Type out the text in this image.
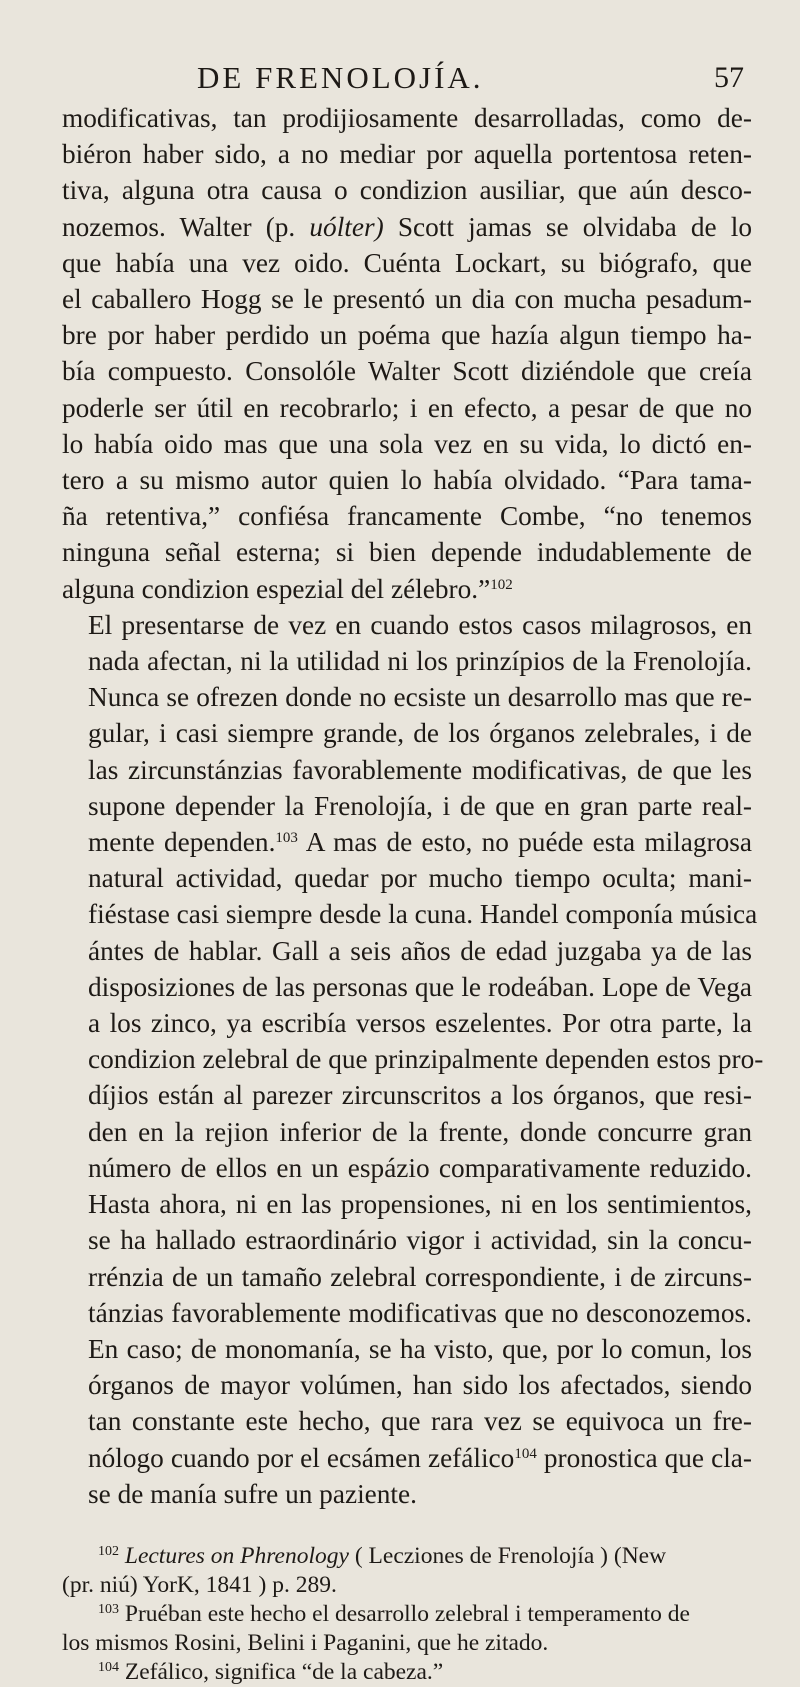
DE FRENOLOJÍA.	57

modificativas, tan prodijiosamente desarrolladas, como de-
biéron haber sido, a no mediar por aquella portentosa reten-
tiva, alguna otra causa o condizion ausiliar, que aún desco-
nozemos. Walter (p. uólter) Scott jamas se olvidaba de lo
que había una vez oido. Cuénta Lockart, su biógrafo, que
el caballero Hogg se le presentó un dia con mucha pesadum-
bre por haber perdido un poéma que hazía algun tiempo ha-
bía compuesto. Consolóle Walter Scott diziéndole que creía
poderle ser útil en recobrarlo; i en efecto, a pesar de que no
lo había oido mas que una sola vez en su vida, lo dictó en-
tero a su mismo autor quien lo había olvidado. “Para tama-
ña retentiva,” confiésa francamente Combe, “no tenemos
ninguna señal esterna; si bien depende indudablemente de
alguna condizion espezial del zélebro.”$^{102}$

El presentarse de vez en cuando estos casos milagrosos, en
nada afectan, ni la utilidad ni los prinzípios de la Frenolojía.
Nunca se ofrezen donde no ecsiste un desarrollo mas que re-
gular, i casi siempre grande, de los órganos zelebrales, i de
las zircunstánzias favorablemente modificativas, de que les
supone depender la Frenolojía, i de que en gran parte real-
mente dependen.$^{103}$ A mas de esto, no puéde esta milagrosa
natural actividad, quedar por mucho tiempo oculta; mani-
fiéstase casi siempre desde la cuna. Handel componía música
ántes de hablar. Gall a seis años de edad juzgaba ya de las
disposiziones de las personas que le rodeában. Lope de Vega
a los zinco, ya escribía versos eszelentes. Por otra parte, la
condizion zelebral de que prinzipalmente dependen estos pro-
díjios están al parezer zircunscritos a los órganos, que resi-
den en la rejion inferior de la frente, donde concurre gran
número de ellos en un espázio comparativamente reduzido.
Hasta ahora, ni en las propensiones, ni en los sentimientos,
se ha hallado estraordinário vigor i actividad, sin la concu-
rrénzia de un tamaño zelebral correspondiente, i de zircuns-
tánzias favorablemente modificativas que no desconozemos.
En caso; de monomanía, se ha visto, que, por lo comun, los
órganos de mayor volúmen, han sido los afectados, siendo
tan constante este hecho, que rara vez se equivoca un fre-
nólogo cuando por el ecsámen zefálico$^{104}$ pronostica que cla-
se de manía sufre un paziente.

$^{102}$ Lectures on Phrenology ( Lecziones de Frenolojía ) (New
(pr. niú) YorK, 1841 ) p. 289.
$^{103}$ Pruéban este hecho el desarrollo zelebral i temperamento de
los mismos Rosini, Belini i Paganini, que he zitado.
$^{104}$ Zefálico, significa “de la cabeza.”
